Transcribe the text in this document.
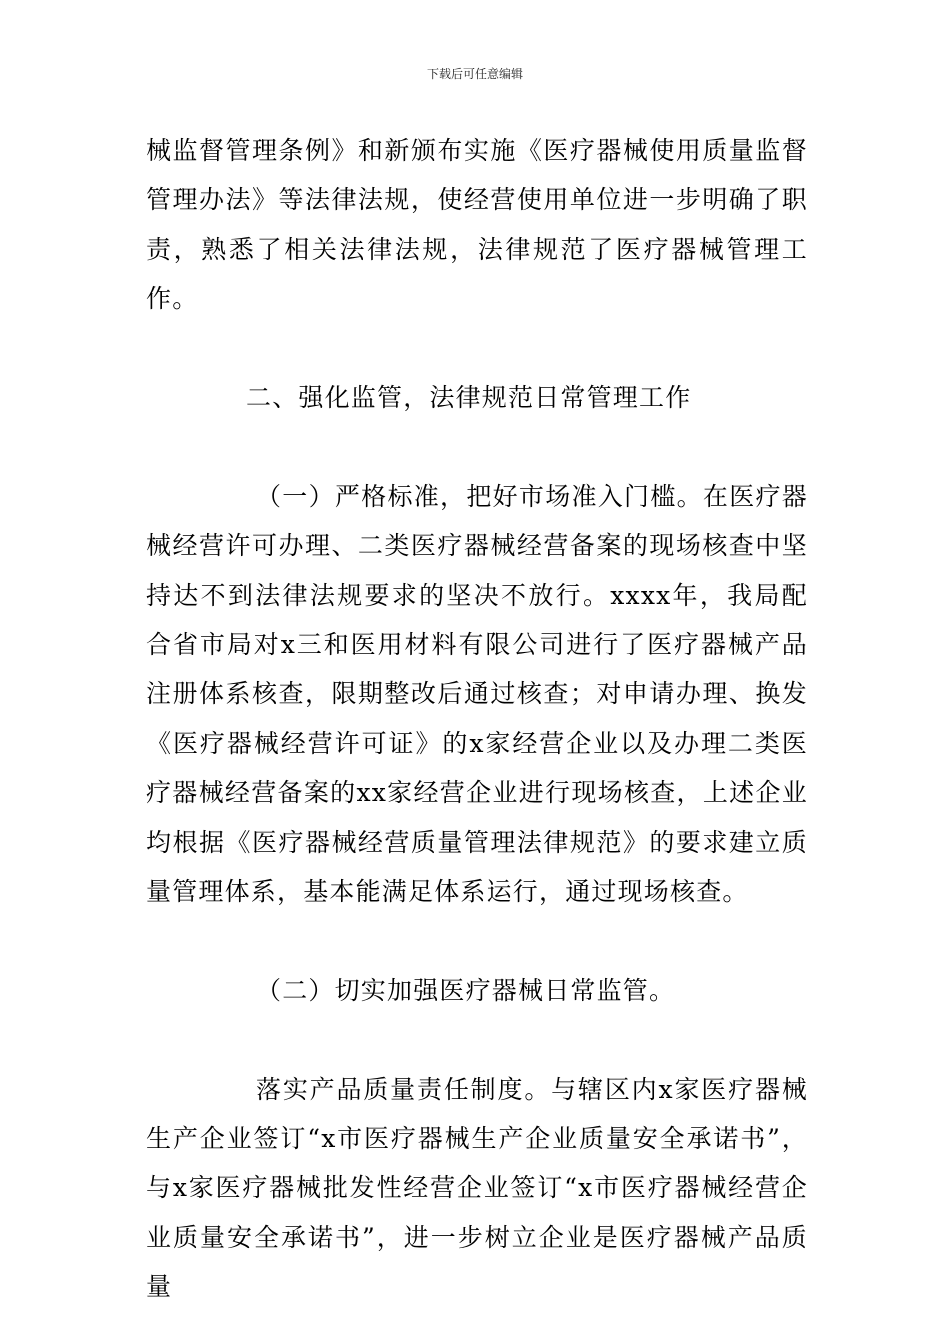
下载后可任意编辑

械监督管理条例》和新颁布实施《医疗器械使用质量监督管理办法》等法律法规，使经营使用单位进一步明确了职责，熟悉了相关法律法规，法律规范了医疗器械管理工作。

二、强化监管，法律规范日常管理工作

（一）严格标准，把好市场准入门槛。在医疗器械经营许可办理、二类医疗器械经营备案的现场核查中坚持达不到法律法规要求的坚决不放行。xxxx年，我局配合省市局对x三和医用材料有限公司进行了医疗器械产品注册体系核查，限期整改后通过核查；对申请办理、换发《医疗器械经营许可证》的x家经营企业以及办理二类医疗器械经营备案的xx家经营企业进行现场核查，上述企业均根据《医疗器械经营质量管理法律规范》的要求建立质量管理体系，基本能满足体系运行，通过现场核查。

（二）切实加强医疗器械日常监管。

落实产品质量责任制度。与辖区内x家医疗器械生产企业签订“x市医疗器械生产企业质量安全承诺书”，与x家医疗器械批发性经营企业签订“x市医疗器械经营企业质量安全承诺书”，进一步树立企业是医疗器械产品质量
